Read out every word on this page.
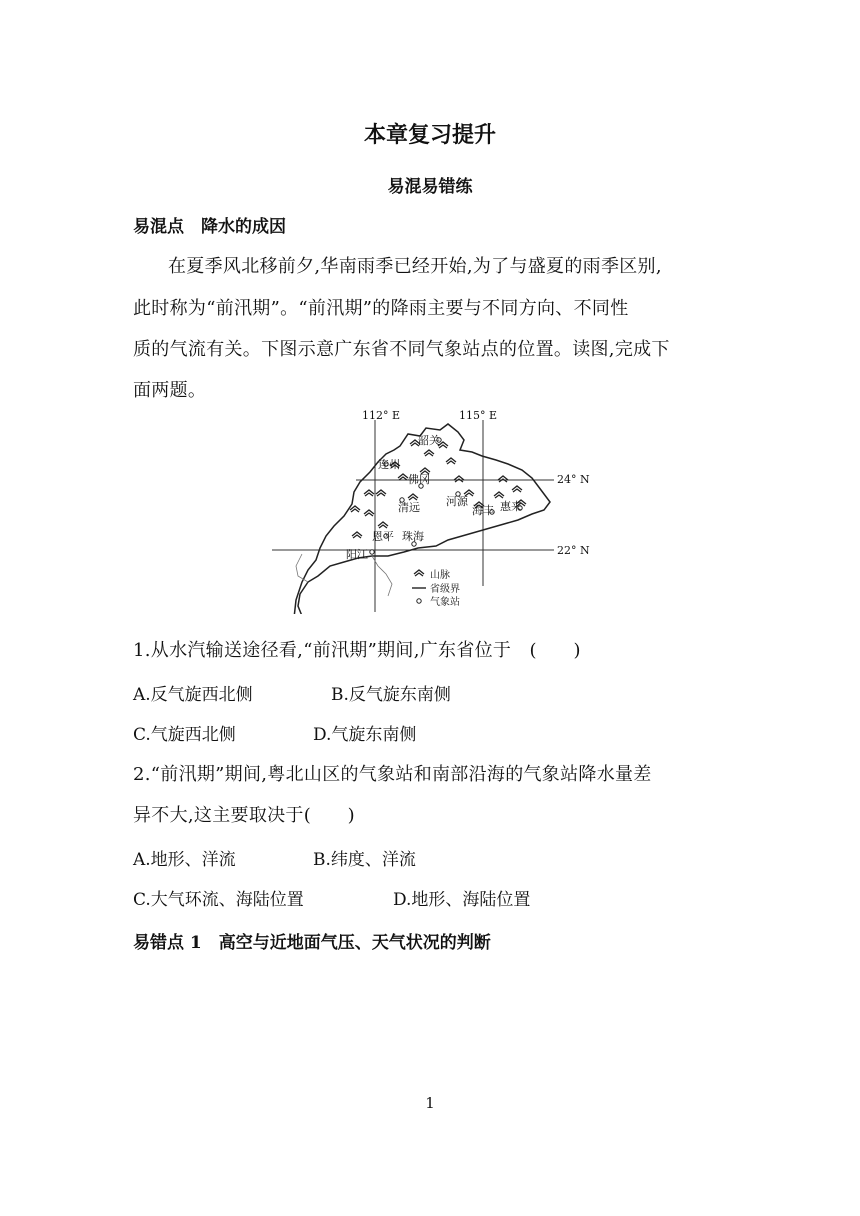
本章复习提升
易混易错练
易混点　降水的成因
在夏季风北移前夕,华南雨季已经开始,为了与盛夏的雨季区别,
此时称为“前汛期”。“前汛期”的降雨主要与不同方向、不同性
质的气流有关。下图示意广东省不同气象站点的位置。读图,完成下
面两题。
112° E	115° E
24° N
22° N
韶关
连州
佛冈
清远 河源
海丰 惠来
恩平 珠海
阳江
山脉
省级界
气象站
1.从水汽输送途径看,“前汛期”期间,广东省位于　(　　)
A.反气旋西北侧	B.反气旋东南侧
C.气旋西北侧	D.气旋东南侧
2.“前汛期”期间,粤北山区的气象站和南部沿海的气象站降水量差
异不大,这主要取决于(　　)
A.地形、洋流	B.纬度、洋流
C.大气环流、海陆位置	D.地形、海陆位置
易错点 1　高空与近地面气压、天气状况的判断
1
